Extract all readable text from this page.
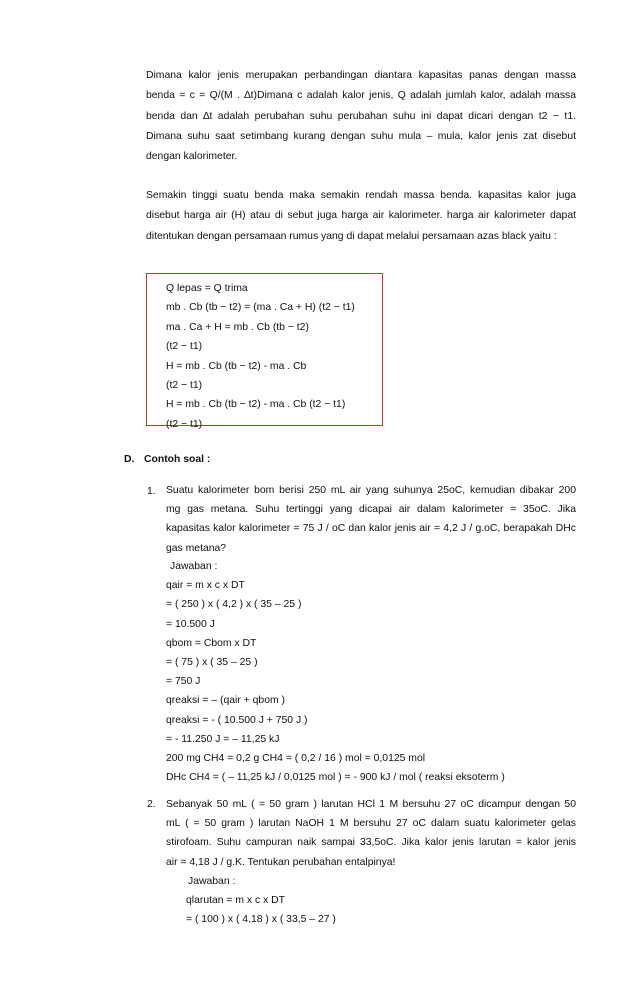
Dimana kalor jenis merupakan perbandingan diantara kapasitas panas dengan massa
benda = c = Q/(M . ∆t)Dimana c adalah kalor jenis, Q adalah jumlah kalor, adalah massa
benda dan ∆t adalah perubahan suhu perubahan suhu ini dapat dicari dengan t2 − t1.
Dimana suhu saat setimbang kurang dengan suhu mula – mula, kalor jenis zat disebut
dengan kalorimeter.
Semakin tinggi suatu benda maka semakin rendah massa benda. kapasitas kalor juga
disebut harga air (H) atau di sebut juga harga air kalorimeter. harga air kalorimeter dapat
ditentukan dengan persamaan rumus yang di dapat melalui persamaan azas black yaitu :
Q lepas = Q trima
mb . Cb (tb − t2) = (ma . Ca + H) (t2 − t1)
ma . Ca + H = mb . Cb (tb − t2)
(t2 − t1)
H = mb . Cb (tb − t2) - ma . Cb
(t2 − t1)
H = mb . Cb (tb − t2) - ma . Cb (t2 − t1)
(t2 − t1)
D. Contoh soal :
1. Suatu kalorimeter bom berisi 250 mL air yang suhunya 25oC, kemudian dibakar 200
mg gas metana. Suhu tertinggi yang dicapai air dalam kalorimeter = 35oC. Jika
kapasitas kalor kalorimeter = 75 J / oC dan kalor jenis air = 4,2 J / g.oC, berapakah DHc
gas metana?
Jawaban :
qair = m x c x DT
= ( 250 ) x ( 4,2 ) x ( 35 – 25 )
= 10.500 J
qbom = Cbom x DT
= ( 75 ) x ( 35 – 25 )
= 750 J
qreaksi = – (qair + qbom )
qreaksi = - ( 10.500 J + 750 J )
= - 11.250 J = – 11,25 kJ
200 mg CH4 = 0,2 g CH4 = ( 0,2 / 16 ) mol = 0,0125 mol
DHc CH4 = ( – 11,25 kJ / 0,0125 mol ) = - 900 kJ / mol ( reaksi eksoterm )
2. Sebanyak 50 mL ( = 50 gram ) larutan HCl 1 M bersuhu 27 oC dicampur dengan 50
mL ( = 50 gram ) larutan NaOH 1 M bersuhu 27 oC dalam suatu kalorimeter gelas
stirofoam. Suhu campuran naik sampai 33,5oC. Jika kalor jenis larutan = kalor jenis
air = 4,18 J / g.K. Tentukan perubahan entalpinya!
Jawaban :
qlarutan = m x c x DT
= ( 100 ) x ( 4,18 ) x ( 33,5 – 27 )
